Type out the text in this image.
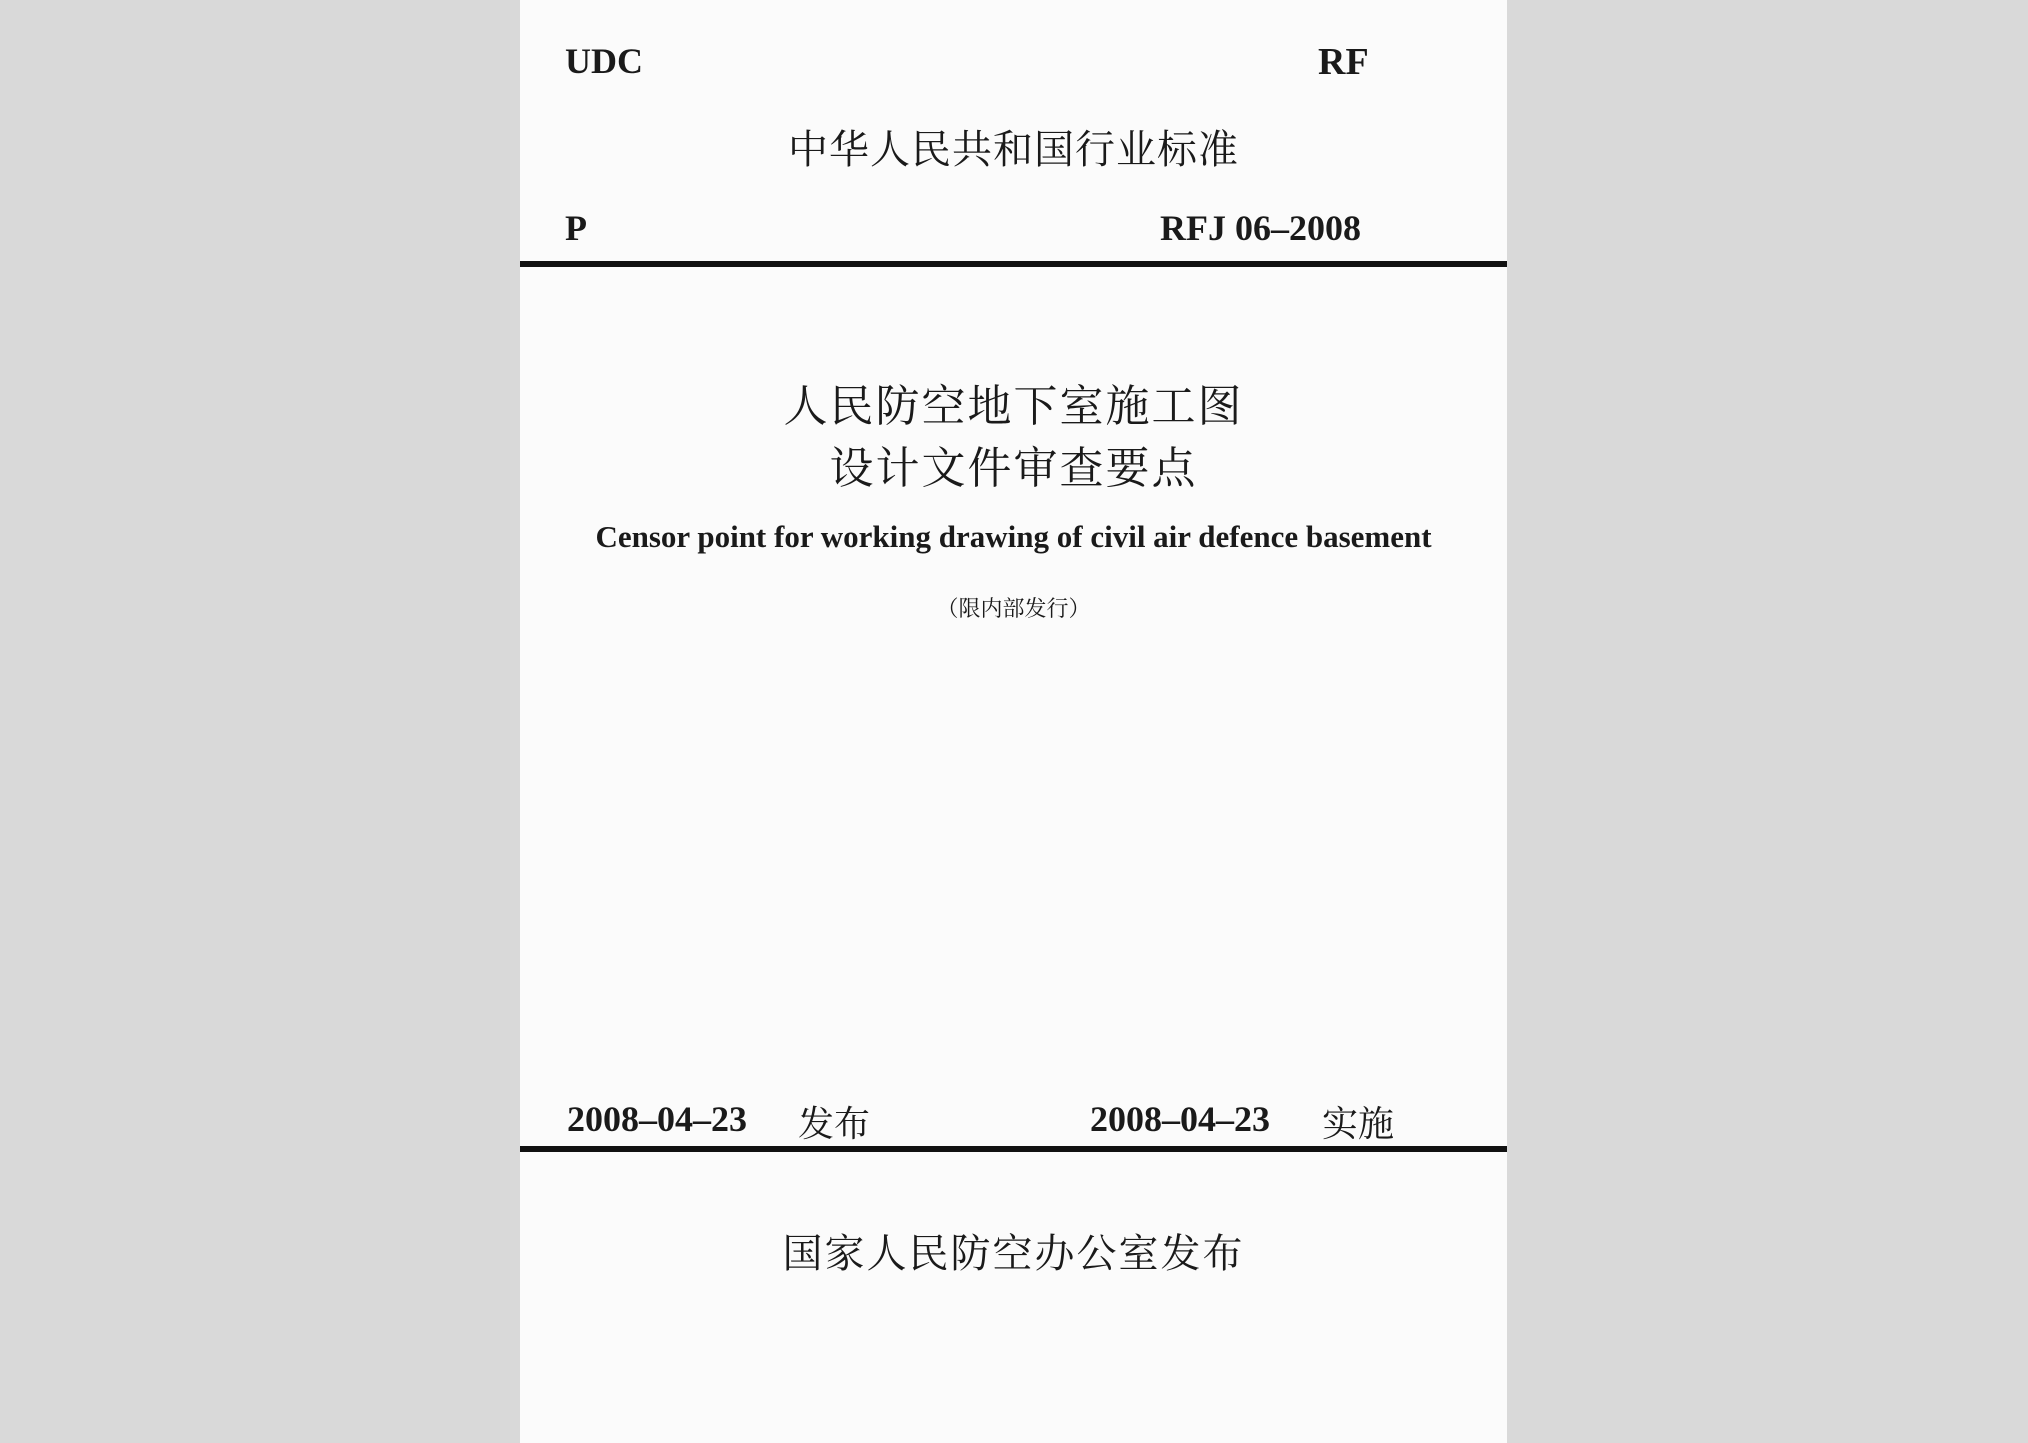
UDC	RF
中华人民共和国行业标准
P	RFJ 06–2008
人民防空地下室施工图
设计文件审查要点
Censor point for working drawing of civil air defence basement
（限内部发行）
2008–04–23 发布	2008–04–23 实施
国家人民防空办公室发布
